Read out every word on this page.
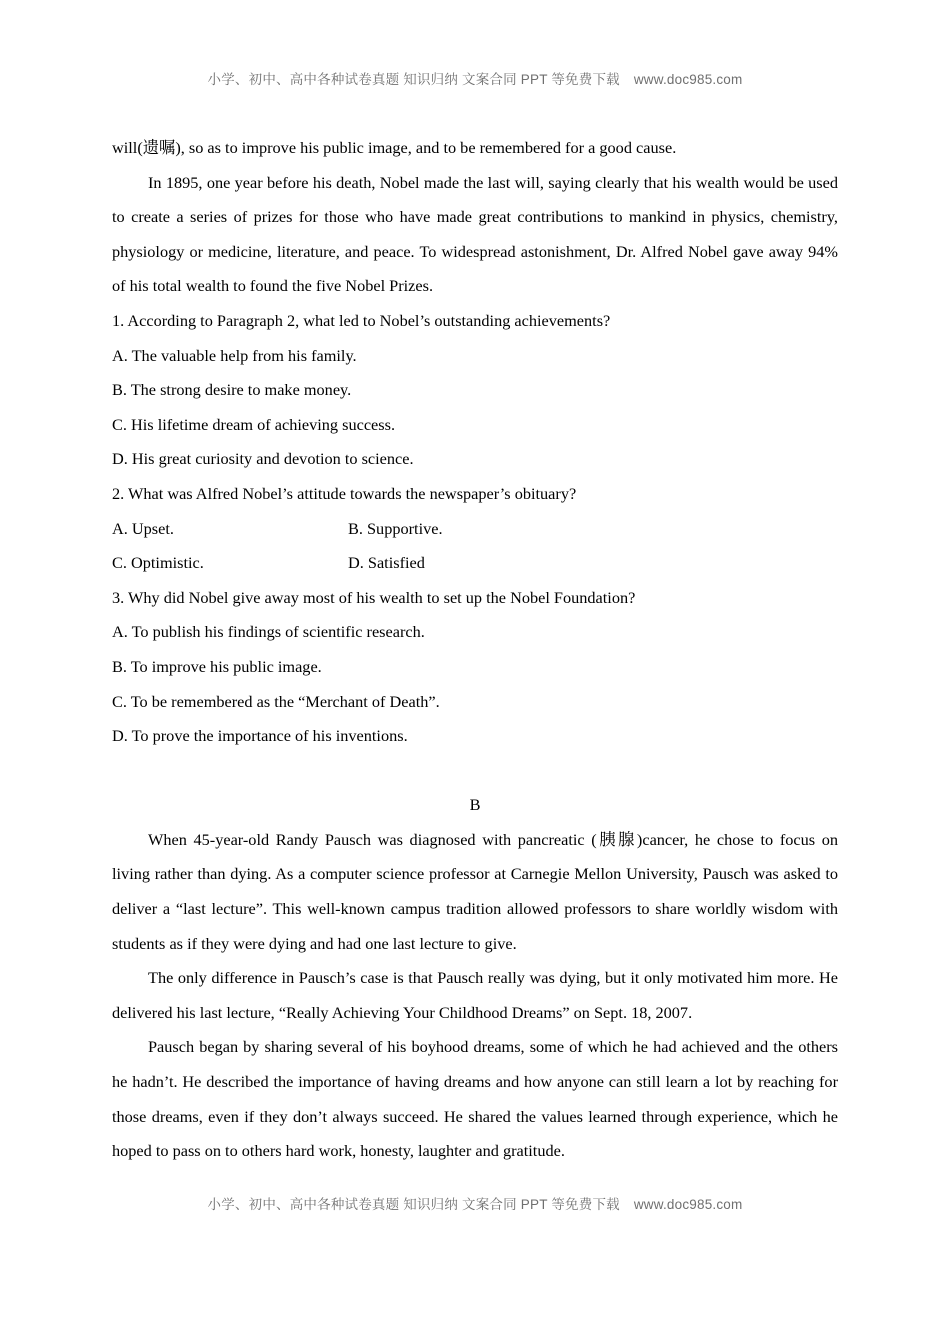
小学、初中、高中各种试卷真题 知识归纳 文案合同 PPT 等免费下载 www.doc985.com

will(遗嘱), so as to improve his public image, and to be remembered for a good cause.

In 1895, one year before his death, Nobel made the last will, saying clearly that his wealth would be used to create a series of prizes for those who have made great contributions to mankind in physics, chemistry, physiology or medicine, literature, and peace. To widespread astonishment, Dr. Alfred Nobel gave away 94% of his total wealth to found the five Nobel Prizes.

1. According to Paragraph 2, what led to Nobel’s outstanding achievements?

A. The valuable help from his family.

B. The strong desire to make money.

C. His lifetime dream of achieving success.

D. His great curiosity and devotion to science.

2. What was Alfred Nobel’s attitude towards the newspaper’s obituary?

A. Upset.	B. Supportive.
C. Optimistic.	D. Satisfied

3. Why did Nobel give away most of his wealth to set up the Nobel Foundation?

A. To publish his findings of scientific research.

B. To improve his public image.

C. To be remembered as the “Merchant of Death”.

D. To prove the importance of his inventions.

B

When 45-year-old Randy Pausch was diagnosed with pancreatic (胰腺)cancer, he chose to focus on living rather than dying. As a computer science professor at Carnegie Mellon University, Pausch was asked to deliver a “last lecture”. This well-known campus tradition allowed professors to share worldly wisdom with students as if they were dying and had one last lecture to give.

The only difference in Pausch’s case is that Pausch really was dying, but it only motivated him more. He delivered his last lecture, “Really Achieving Your Childhood Dreams” on Sept. 18, 2007.

Pausch began by sharing several of his boyhood dreams, some of which he had achieved and the others he hadn’t. He described the importance of having dreams and how anyone can still learn a lot by reaching for those dreams, even if they don’t always succeed. He shared the values learned through experience, which he hoped to pass on to others hard work, honesty, laughter and gratitude.

小学、初中、高中各种试卷真题 知识归纳 文案合同 PPT 等免费下载 www.doc985.com
